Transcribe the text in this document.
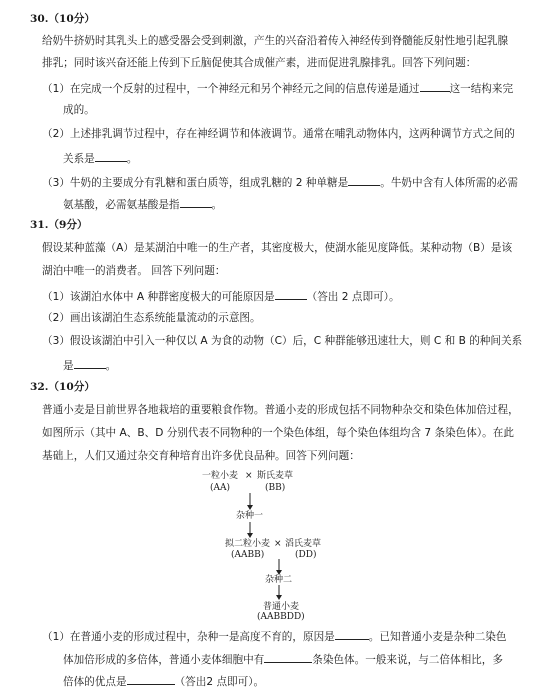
30.（10分）
给奶牛挤奶时其乳头上的感受器会受到刺激，产生的兴奋沿着传入神经传到脊髓能反射性地引起乳腺
排乳；同时该兴奋还能上传到下丘脑促使其合成催产素，进而促进乳腺排乳。回答下列问题：
（1）在完成一个反射的过程中，一个神经元和另个神经元之间的信息传递是通过	这一结构来完
成的。
（2）上述排乳调节过程中，存在神经调节和体液调节。通常在哺乳动物体内，这两种调节方式之间的
关系是	。
（3）牛奶的主要成分有乳糖和蛋白质等，组成乳糖的 2 种单糖是	。牛奶中含有人体所需的必需
氨基酸，必需氨基酸是指	。
31.（9分）
假设某种蓝藻（A）是某湖泊中唯一的生产者，其密度极大，使湖水能见度降低。某种动物（B）是该
湖泊中唯一的消费者。 回答下列问题：
（1）该湖泊水体中 A 种群密度极大的可能原因是	（答出 2 点即可）。
（2）画出该湖泊生态系统能量流动的示意图。
（3）假设该湖泊中引入一种仅以 A 为食的动物（C）后，C 种群能够迅速壮大，则 C 和 B 的种间关系
是	。
32.（10分）
普通小麦是目前世界各地栽培的重要粮食作物。普通小麦的形成包括不同物种杂交和染色体加倍过程，
如图所示（其中 A、B、D 分别代表不同物种的一个染色体组，每个染色体组均含 7 条染色体）。在此
基础上，人们又通过杂交育种培育出许多优良品种。回答下列问题：
一粒小麦 × 斯氏麦草
(AA)	(BB)
杂种一
拟二粒小麦 × 滔氏麦草
(AABB)	(DD)
杂种二
普通小麦
(AABBDD)
（1）在普通小麦的形成过程中，杂种一是高度不育的，原因是	。已知普通小麦是杂种二染色
体加倍形成的多倍体，普通小麦体细胞中有	条染色体。一般来说，与二倍体相比，多
倍体的优点是	（答出2 点即可）。
